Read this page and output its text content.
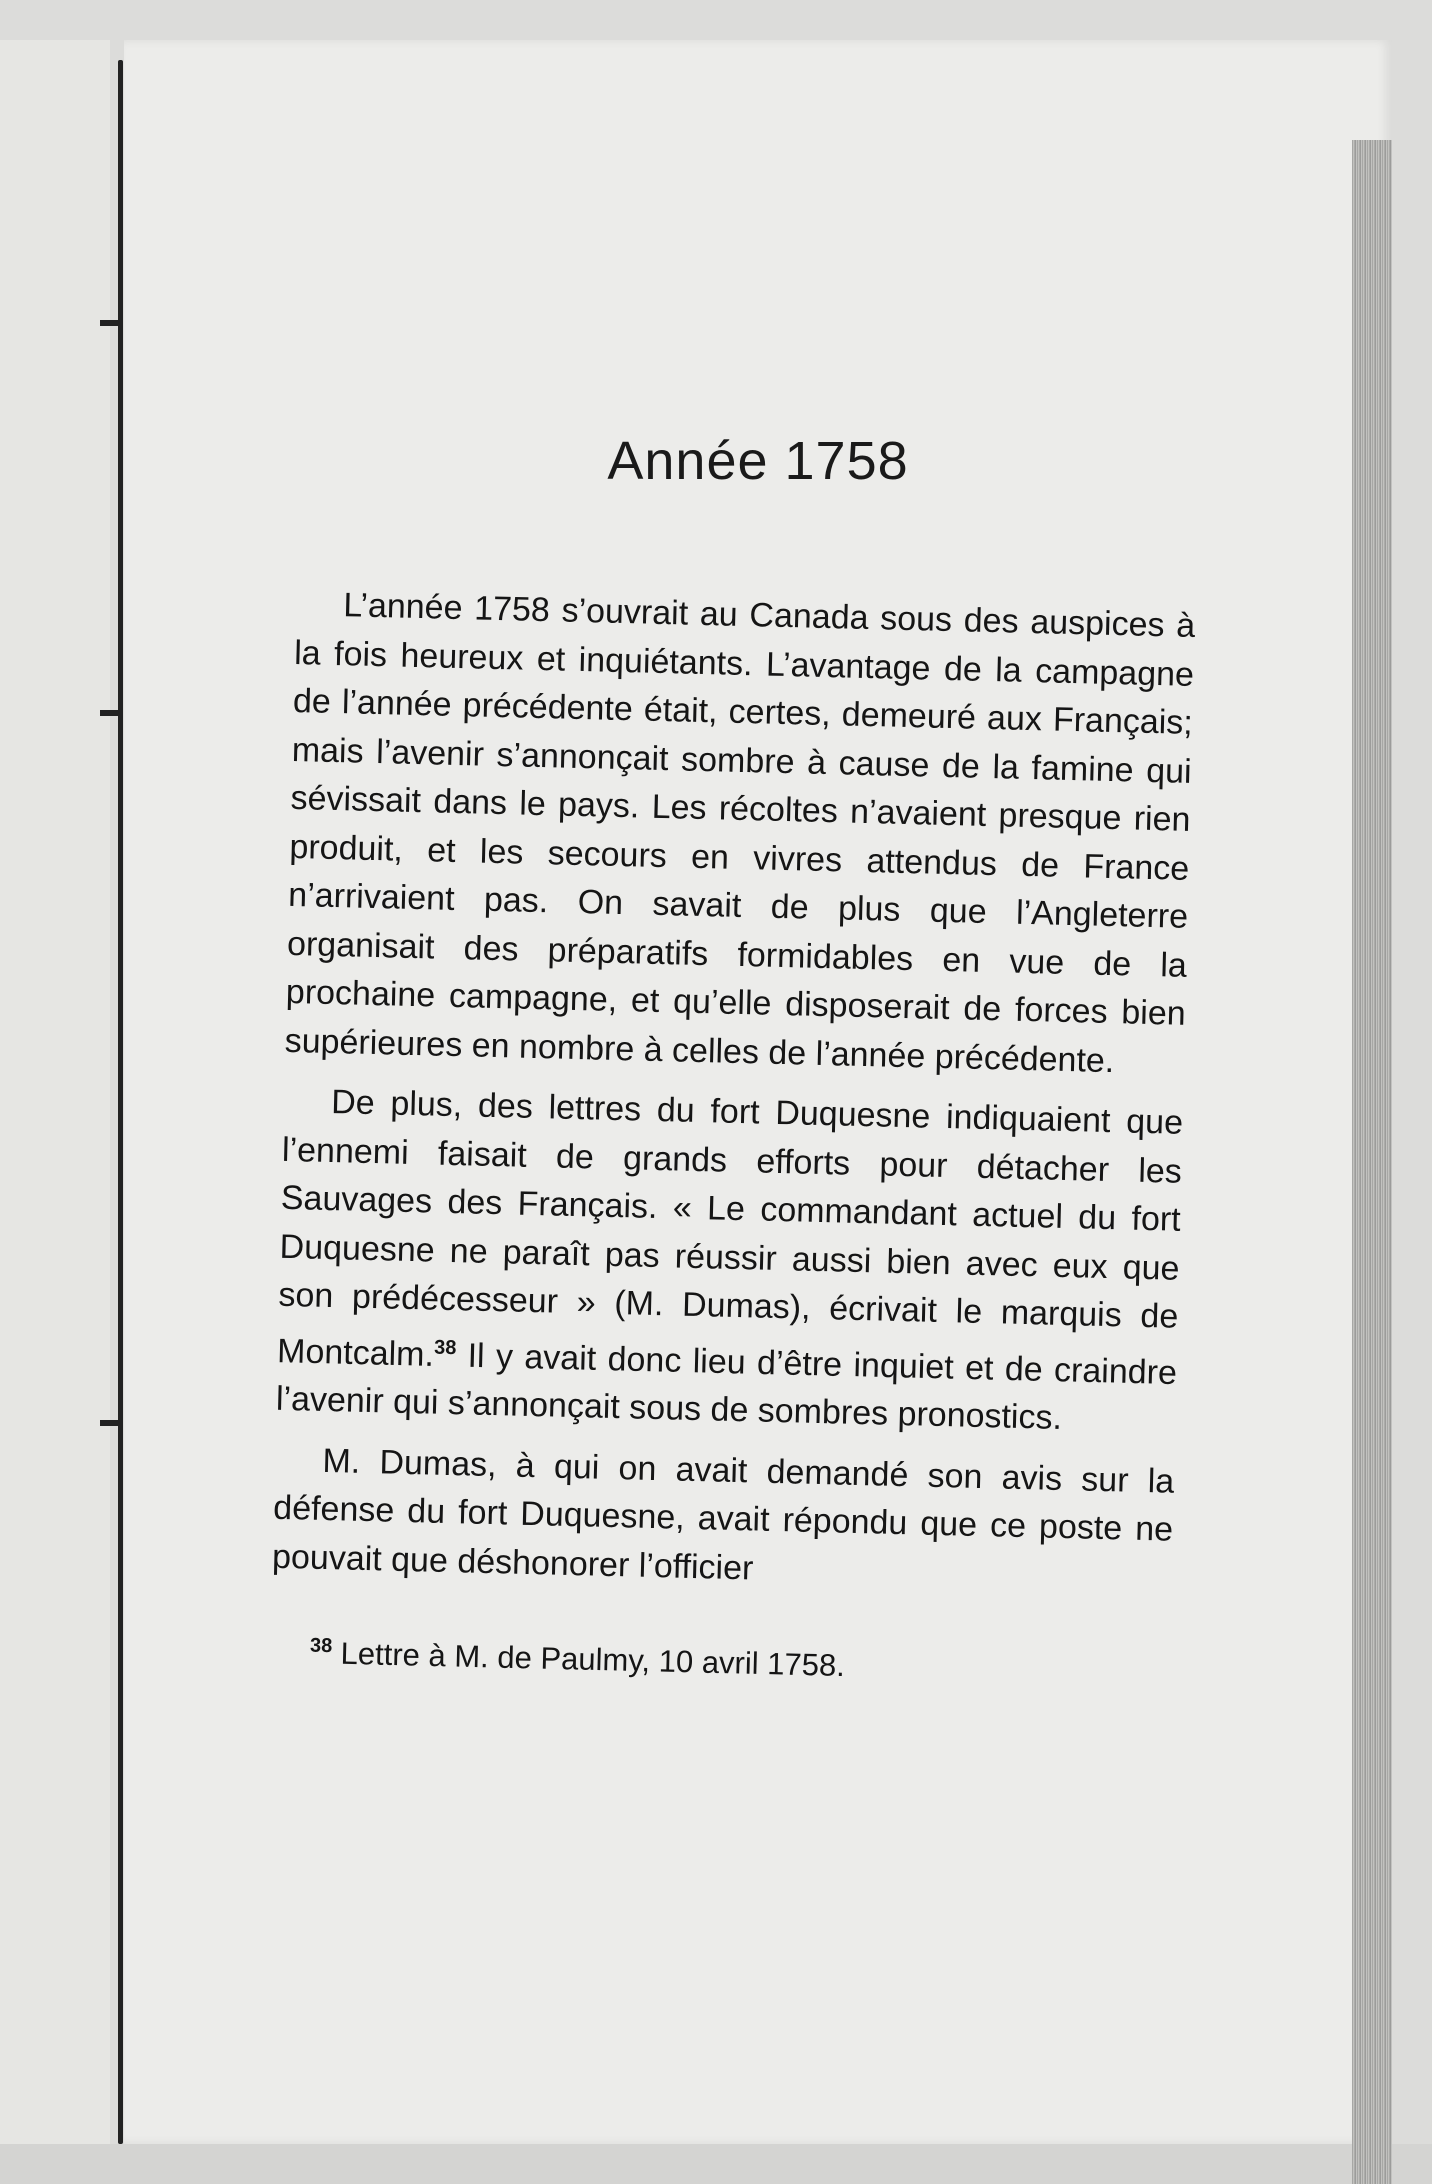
Année 1758

L’année 1758 s’ouvrait au Canada sous des auspices à la fois heureux et inquiétants. L’avantage de la campagne de l’année précédente était, certes, demeuré aux Français; mais l’avenir s’annonçait sombre à cause de la famine qui sévissait dans le pays. Les récoltes n’avaient presque rien produit, et les secours en vivres attendus de France n’arrivaient pas. On savait de plus que l’Angleterre organisait des préparatifs formidables en vue de la prochaine campagne, et qu’elle disposerait de forces bien supérieures en nombre à celles de l’année précédente.

De plus, des lettres du fort Duquesne indiquaient que l’ennemi faisait de grands efforts pour détacher les Sauvages des Français. « Le commandant actuel du fort Duquesne ne paraît pas réussir aussi bien avec eux que son prédécesseur » (M. Dumas), écrivait le marquis de Montcalm.$^{38}$ Il y avait donc lieu d’être inquiet et de craindre l’avenir qui s’annonçait sous de sombres pronostics.

M. Dumas, à qui on avait demandé son avis sur la défense du fort Duquesne, avait répondu que ce poste ne pouvait que déshonorer l’officier

$^{38}$ Lettre à M. de Paulmy, 10 avril 1758.
